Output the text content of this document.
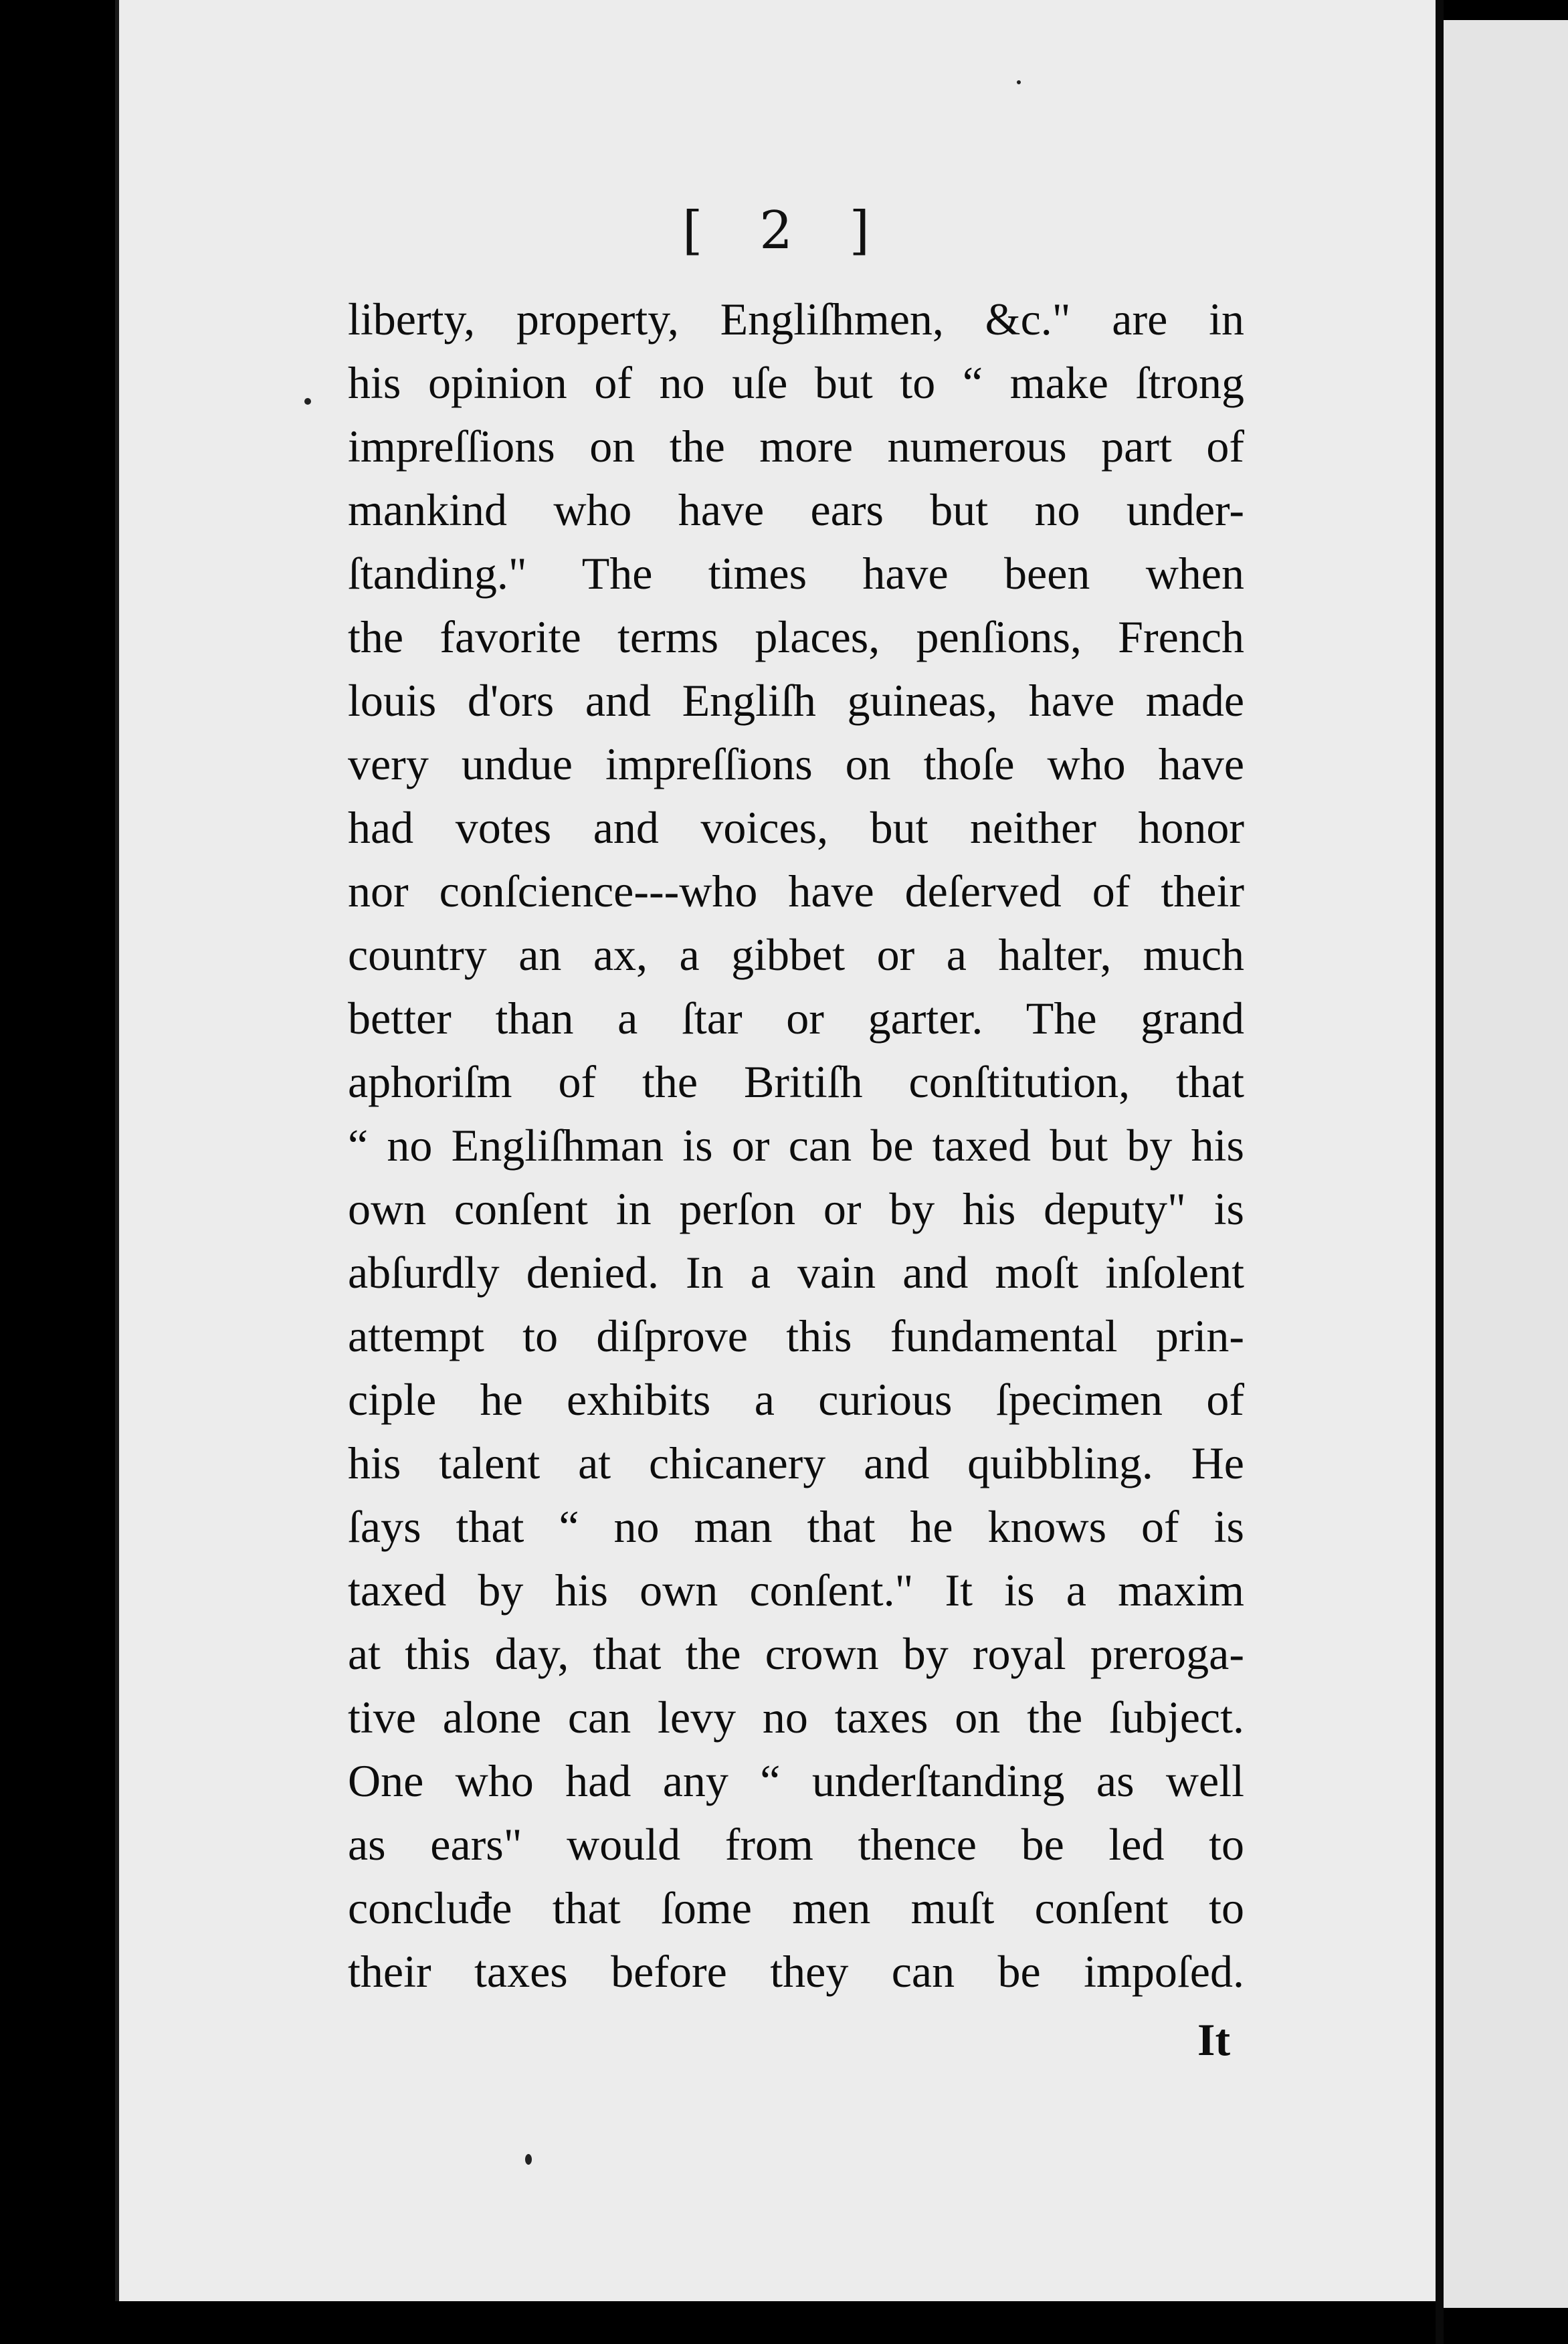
[ 2 ]
liberty, property, Engliſhmen, &c." are in
his opinion of no uſe but to “ make ſtrong
impreſſions on the more numerous part of
mankind who have ears but no under-
ſtanding." The times have been when
the favorite terms places, penſions, French
louis d'ors and Engliſh guineas, have made
very undue impreſſions on thoſe who have
had votes and voices, but neither honor
nor conſcience---who have deſerved of their
country an ax, a gibbet or a halter, much
better than a ſtar or garter. The grand
aphoriſm of the Britiſh conſtitution, that
“ no Engliſhman is or can be taxed but by his
own conſent in perſon or by his deputy" is
abſurdly denied. In a vain and moſt inſolent
attempt to diſprove this fundamental prin-
ciple he exhibits a curious ſpecimen of
his talent at chicanery and quibbling. He
ſays that “ no man that he knows of is
taxed by his own conſent." It is a maxim
at this day, that the crown by royal preroga-
tive alone can levy no taxes on the ſubject.
One who had any “ underſtanding as well
as ears" would from thence be led to
concluđe that ſome men muſt conſent to
their taxes before they can be impoſed.
It
